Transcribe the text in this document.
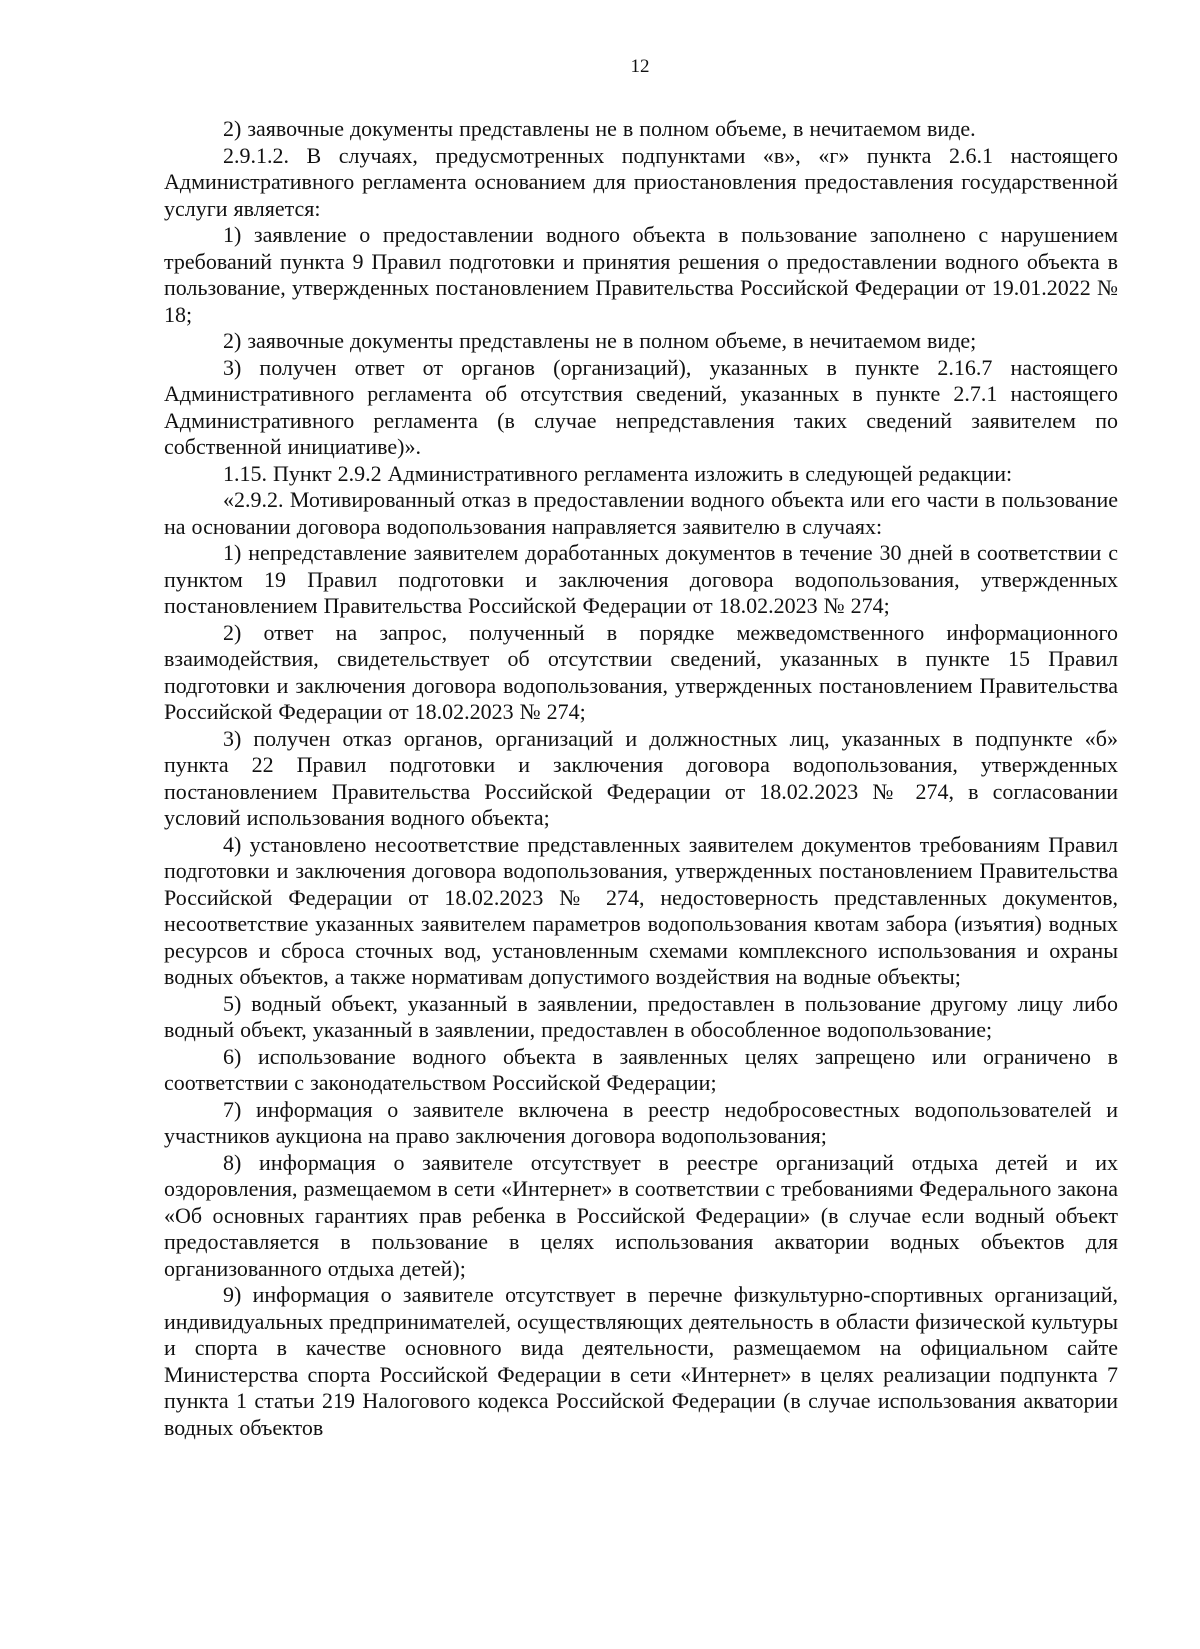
12

2) заявочные документы представлены не в полном объеме, в нечитаемом виде.

2.9.1.2. В случаях, предусмотренных подпунктами «в», «г» пункта 2.6.1 настоящего Административного регламента основанием для приостановления предоставления государственной услуги является:

1) заявление о предоставлении водного объекта в пользование заполнено с нарушением требований пункта 9 Правил подготовки и принятия решения о предоставлении водного объекта в пользование, утвержденных постановлением Правительства Российской Федерации от 19.01.2022 № 18;

2) заявочные документы представлены не в полном объеме, в нечитаемом виде;

3) получен ответ от органов (организаций), указанных в пункте 2.16.7 настоящего Административного регламента об отсутствия сведений, указанных в пункте 2.7.1 настоящего Административного регламента (в случае непредставления таких сведений заявителем по собственной инициативе)».

1.15. Пункт 2.9.2 Административного регламента изложить в следующей редакции:

«2.9.2. Мотивированный отказ в предоставлении водного объекта или его части в пользование на основании договора водопользования направляется заявителю в случаях:

1) непредставление заявителем доработанных документов в течение 30 дней в соответствии с пунктом 19 Правил подготовки и заключения договора водопользования, утвержденных постановлением Правительства Российской Федерации от 18.02.2023 № 274;

2) ответ на запрос, полученный в порядке межведомственного информационного взаимодействия, свидетельствует об отсутствии сведений, указанных в пункте 15 Правил подготовки и заключения договора водопользования, утвержденных постановлением Правительства Российской Федерации от 18.02.2023 № 274;

3) получен отказ органов, организаций и должностных лиц, указанных в подпункте «б» пункта 22 Правил подготовки и заключения договора водопользования, утвержденных постановлением Правительства Российской Федерации от 18.02.2023 № 274, в согласовании условий использования водного объекта;

4) установлено несоответствие представленных заявителем документов требованиям Правил подготовки и заключения договора водопользования, утвержденных постановлением Правительства Российской Федерации от 18.02.2023 № 274, недостоверность представленных документов, несоответствие указанных заявителем параметров водопользования квотам забора (изъятия) водных ресурсов и сброса сточных вод, установленным схемами комплексного использования и охраны водных объектов, а также нормативам допустимого воздействия на водные объекты;

5) водный объект, указанный в заявлении, предоставлен в пользование другому лицу либо водный объект, указанный в заявлении, предоставлен в обособленное водопользование;

6) использование водного объекта в заявленных целях запрещено или ограничено в соответствии с законодательством Российской Федерации;

7) информация о заявителе включена в реестр недобросовестных водопользователей и участников аукциона на право заключения договора водопользования;

8) информация о заявителе отсутствует в реестре организаций отдыха детей и их оздоровления, размещаемом в сети «Интернет» в соответствии с требованиями Федерального закона «Об основных гарантиях прав ребенка в Российской Федерации» (в случае если водный объект предоставляется в пользование в целях использования акватории водных объектов для организованного отдыха детей);

9) информация о заявителе отсутствует в перечне физкультурно-спортивных организаций, индивидуальных предпринимателей, осуществляющих деятельность в области физической культуры и спорта в качестве основного вида деятельности, размещаемом на официальном сайте Министерства спорта Российской Федерации в сети «Интернет» в целях реализации подпункта 7 пункта 1 статьи 219 Налогового кодекса Российской Федерации (в случае использования акватории водных объектов
